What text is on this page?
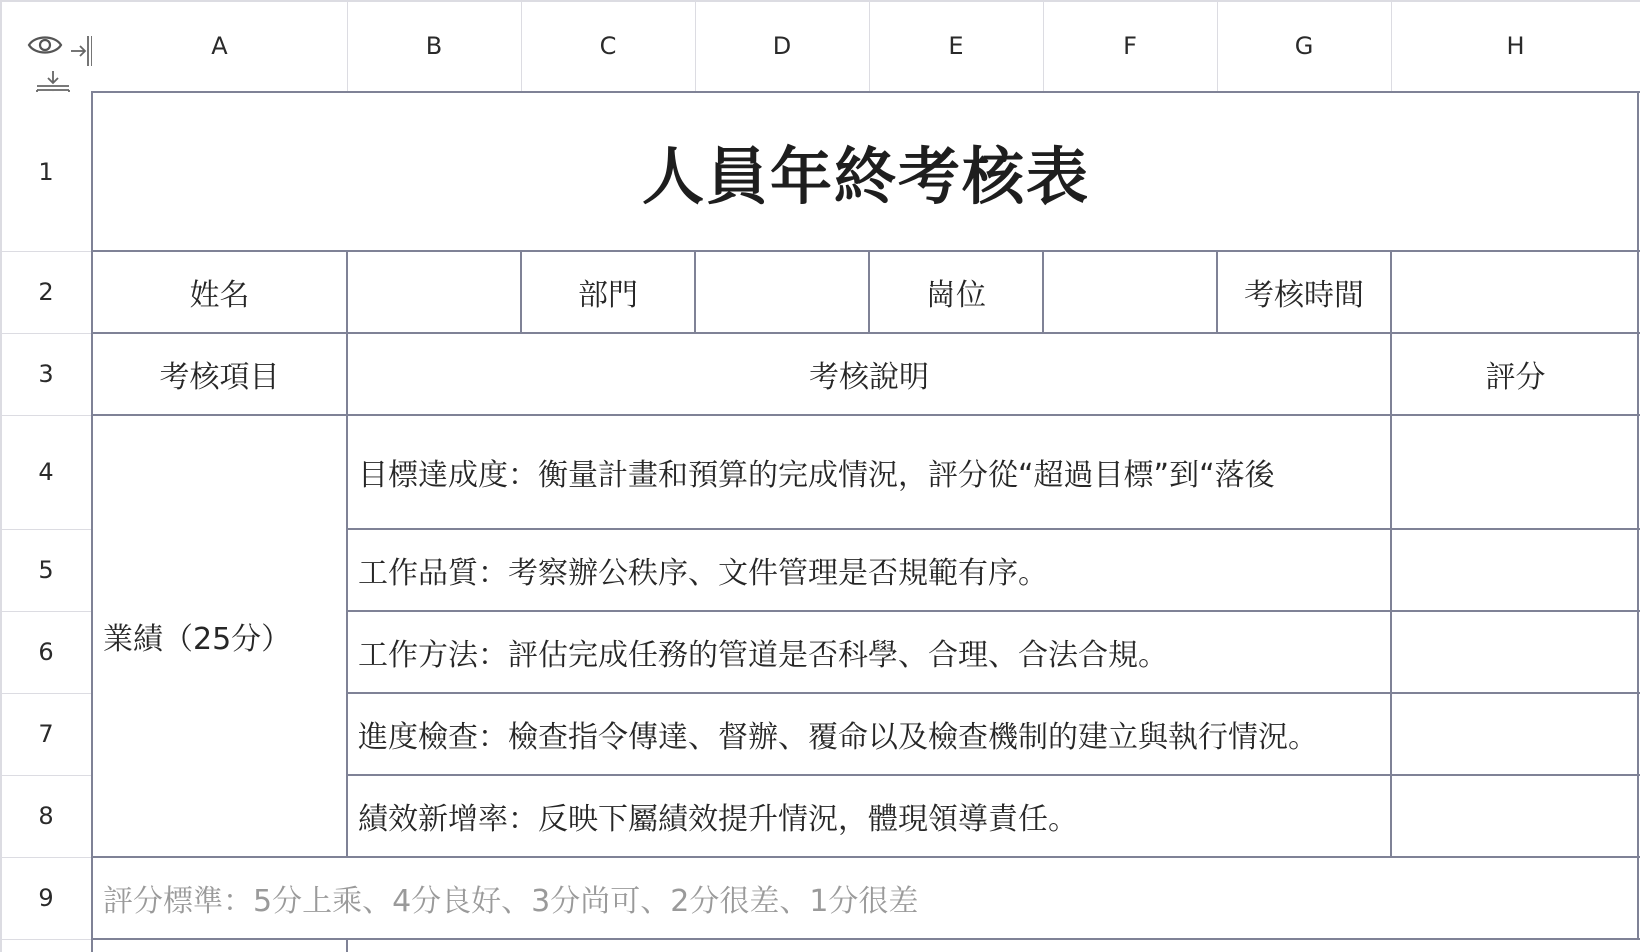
A	B	C	D	E	F	G	H
1
2
3
4
5
6
7
8
9
人員年終考核表
姓名	部門	崗位	考核時間
考核項目	考核說明	評分
業績（25分）
目標達成度：衡量計畫和預算的完成情況，評分從“超過目標”到“落後
工作品質：考察辦公秩序、文件管理是否規範有序。
工作方法：評估完成任務的管道是否科學、合理、合法合規。
進度檢查：檢查指令傳達、督辦、覆命以及檢查機制的建立與執行情況。
績效新增率：反映下屬績效提升情況，體現領導責任。
評分標準：5分上乘、4分良好、3分尚可、2分很差、1分很差
